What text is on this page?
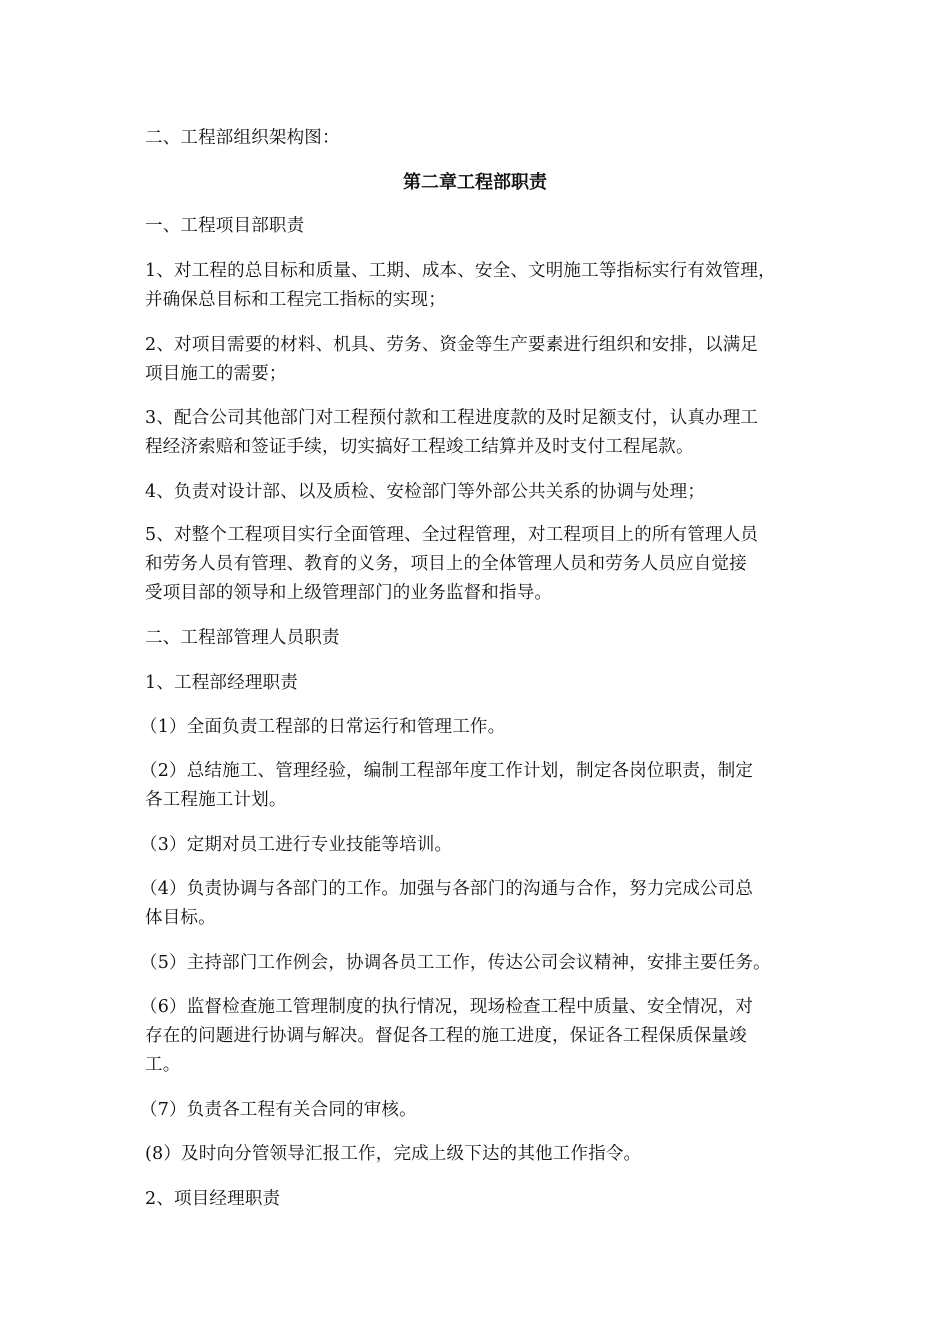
二、工程部组织架构图：
第二章工程部职责
一、工程项目部职责
1、对工程的总目标和质量、工期、成本、安全、文明施工等指标实行有效管理，
并确保总目标和工程完工指标的实现；
2、对项目需要的材料、机具、劳务、资金等生产要素进行组织和安排，以满足
项目施工的需要；
3、配合公司其他部门对工程预付款和工程进度款的及时足额支付，认真办理工
程经济索赔和签证手续，切实搞好工程竣工结算并及时支付工程尾款。
4、负责对设计部、以及质检、安检部门等外部公共关系的协调与处理；
5、对整个工程项目实行全面管理、全过程管理，对工程项目上的所有管理人员
和劳务人员有管理、教育的义务，项目上的全体管理人员和劳务人员应自觉接
受项目部的领导和上级管理部门的业务监督和指导。
二、工程部管理人员职责
1、工程部经理职责
（1）全面负责工程部的日常运行和管理工作。
（2）总结施工、管理经验，编制工程部年度工作计划，制定各岗位职责，制定
各工程施工计划。
（3）定期对员工进行专业技能等培训。
（4）负责协调与各部门的工作。加强与各部门的沟通与合作，努力完成公司总
体目标。
（5）主持部门工作例会，协调各员工工作，传达公司会议精神，安排主要任务。
（6）监督检查施工管理制度的执行情况，现场检查工程中质量、安全情况，对
存在的问题进行协调与解决。督促各工程的施工进度，保证各工程保质保量竣
工。
（7）负责各工程有关合同的审核。
(8）及时向分管领导汇报工作，完成上级下达的其他工作指令。
2、项目经理职责
